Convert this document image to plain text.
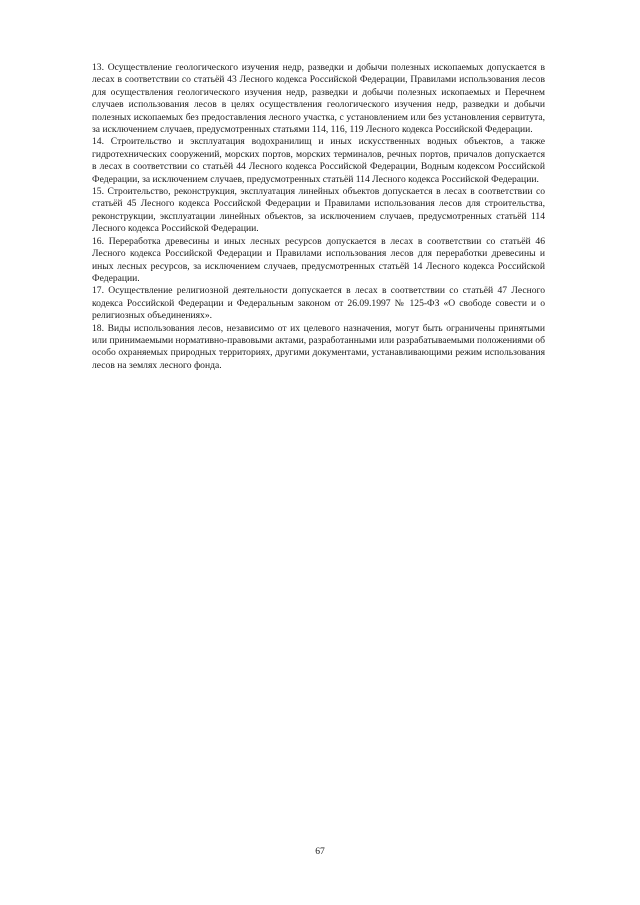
13. Осуществление геологического изучения недр, разведки и добычи полезных ископаемых допускается в лесах в соответствии со статьёй 43 Лесного кодекса Российской Федерации, Правилами использования лесов для осуществления геологического изучения недр, разведки и добычи полезных ископаемых и Перечнем случаев использования лесов в целях осуществления геологического изучения недр, разведки и добычи полезных ископаемых без предоставления лесного участка, с установлением или без установления сервитута, за исключением случаев, предусмотренных статьями 114, 116, 119 Лесного кодекса Российской Федерации.

14. Строительство и эксплуатация водохранилищ и иных искусственных водных объектов, а также гидротехнических сооружений, морских портов, морских терминалов, речных портов, причалов допускается в лесах в соответствии со статьёй 44 Лесного кодекса Российской Федерации, Водным кодексом Российской Федерации, за исключением случаев, предусмотренных статьёй 114 Лесного кодекса Российской Федерации.

15. Строительство, реконструкция, эксплуатация линейных объектов допускается в лесах в соответствии со статьёй 45 Лесного кодекса Российской Федерации и Правилами использования лесов для строительства, реконструкции, эксплуатации линейных объектов, за исключением случаев, предусмотренных статьёй 114 Лесного кодекса Российской Федерации.

16. Переработка древесины и иных лесных ресурсов допускается в лесах в соответствии со статьёй 46 Лесного кодекса Российской Федерации и Правилами использования лесов для переработки древесины и иных лесных ресурсов, за исключением случаев, предусмотренных статьёй 14 Лесного кодекса Российской Федерации.

17. Осуществление религиозной деятельности допускается в лесах в соответствии со статьёй 47 Лесного кодекса Российской Федерации и Федеральным законом от 26.09.1997 № 125-ФЗ «О свободе совести и о религиозных объединениях».

18. Виды использования лесов, независимо от их целевого назначения, могут быть ограничены принятыми или принимаемыми нормативно-правовыми актами, разработанными или разрабатываемыми положениями об особо охраняемых природных территориях, другими документами, устанавливающими режим использования лесов на землях лесного фонда.

67
